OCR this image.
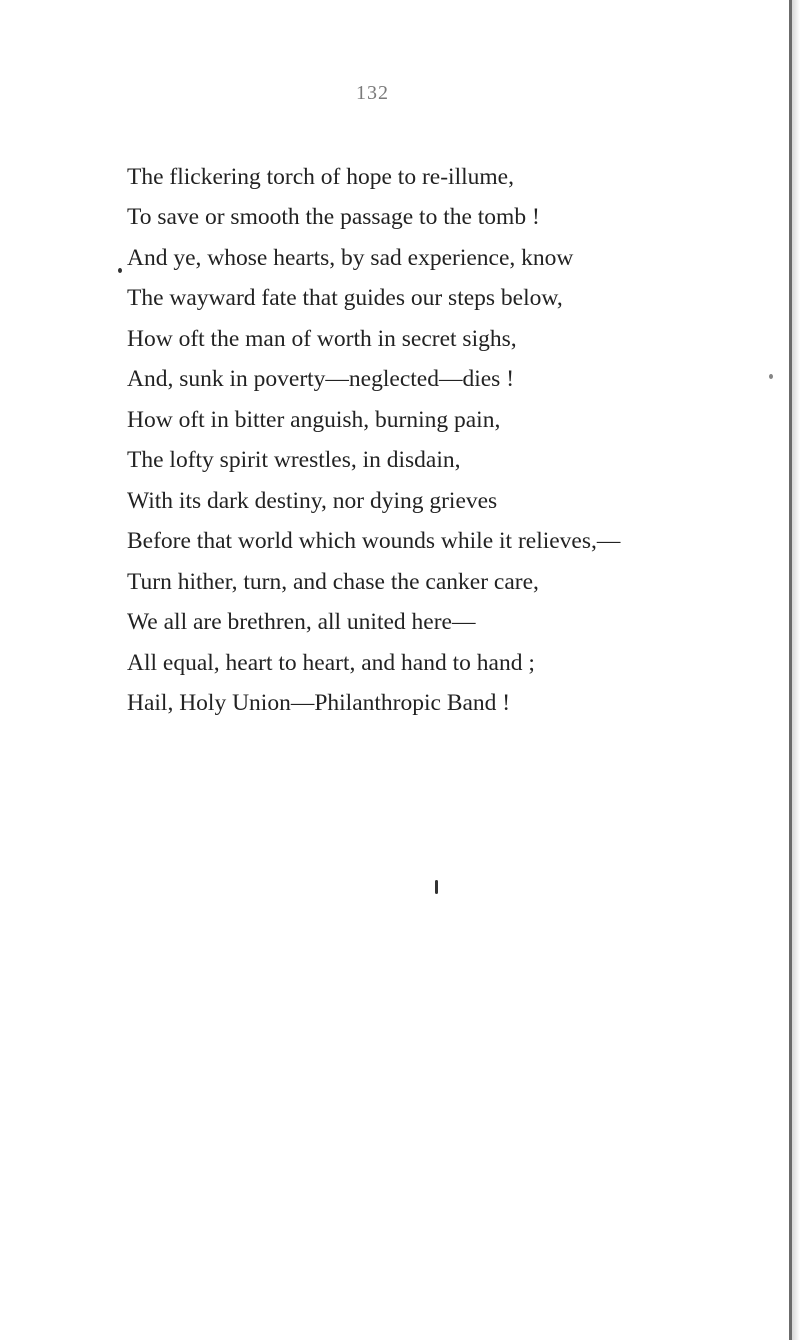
132
The flickering torch of hope to re-illume,
To save or smooth the passage to the tomb !
And ye, whose hearts, by sad experience, know
The wayward fate that guides our steps below,
How oft the man of worth in secret sighs,
And, sunk in poverty—neglected—dies !
How oft in bitter anguish, burning pain,
The lofty spirit wrestles, in disdain,
With its dark destiny, nor dying grieves
Before that world which wounds while it relieves,—
Turn hither, turn, and chase the canker care,
We all are brethren, all united here—
All equal, heart to heart, and hand to hand ;
Hail, Holy Union—Philanthropic Band !
